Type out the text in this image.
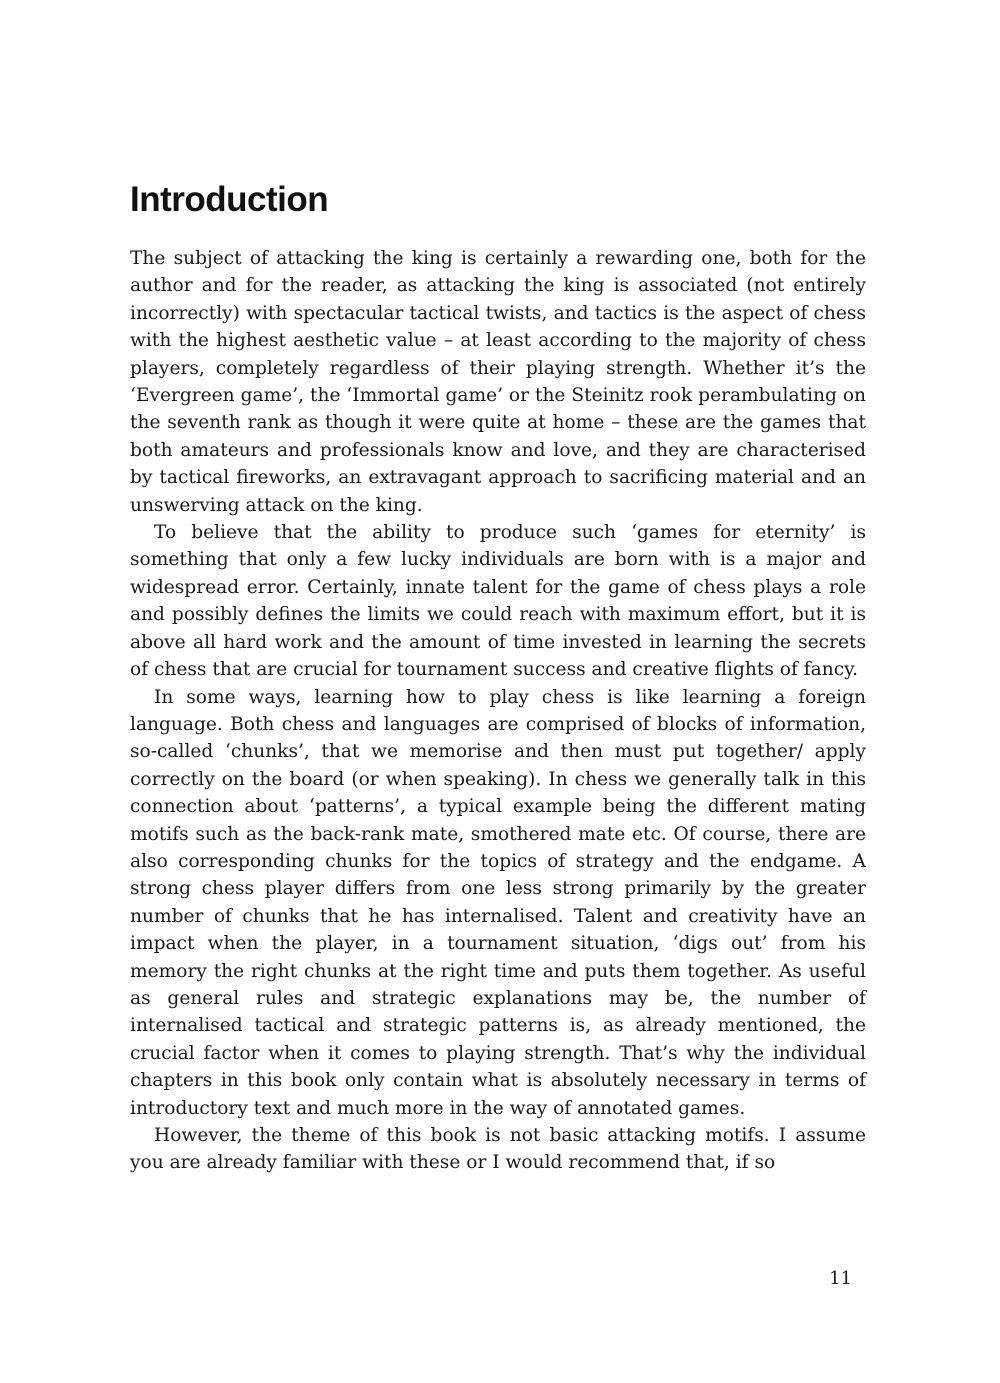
Introduction

The subject of attacking the king is certainly a rewarding one, both for the author and for the reader, as attacking the king is associated (not entirely incorrectly) with spectacular tactical twists, and tactics is the aspect of chess with the highest aesthetic value – at least according to the majority of chess players, completely regardless of their playing strength. Whether it’s the ‘Evergreen game’, the ‘Immortal game’ or the Steinitz rook perambulating on the seventh rank as though it were quite at home – these are the games that both amateurs and professionals know and love, and they are characterised by tactical fireworks, an extravagant approach to sacrificing material and an unswerving attack on the king.

To believe that the ability to produce such ‘games for eternity’ is something that only a few lucky individuals are born with is a major and widespread error. Certainly, innate talent for the game of chess plays a role and possibly defines the limits we could reach with maximum effort, but it is above all hard work and the amount of time invested in learning the secrets of chess that are crucial for tournament success and creative flights of fancy.

In some ways, learning how to play chess is like learning a foreign language. Both chess and languages are comprised of blocks of information, so-called ‘chunks’, that we memorise and then must put together/ apply correctly on the board (or when speaking). In chess we generally talk in this connection about ‘patterns’, a typical example being the different mating motifs such as the back-rank mate, smothered mate etc. Of course, there are also corresponding chunks for the topics of strategy and the endgame. A strong chess player differs from one less strong primarily by the greater number of chunks that he has internalised. Talent and creativity have an impact when the player, in a tournament situation, ‘digs out’ from his memory the right chunks at the right time and puts them together. As useful as general rules and strategic explanations may be, the number of internalised tactical and strategic patterns is, as already mentioned, the crucial factor when it comes to playing strength. That’s why the individual chapters in this book only contain what is absolutely necessary in terms of introductory text and much more in the way of annotated games.

However, the theme of this book is not basic attacking motifs. I assume you are already familiar with these or I would recommend that, if so

11
